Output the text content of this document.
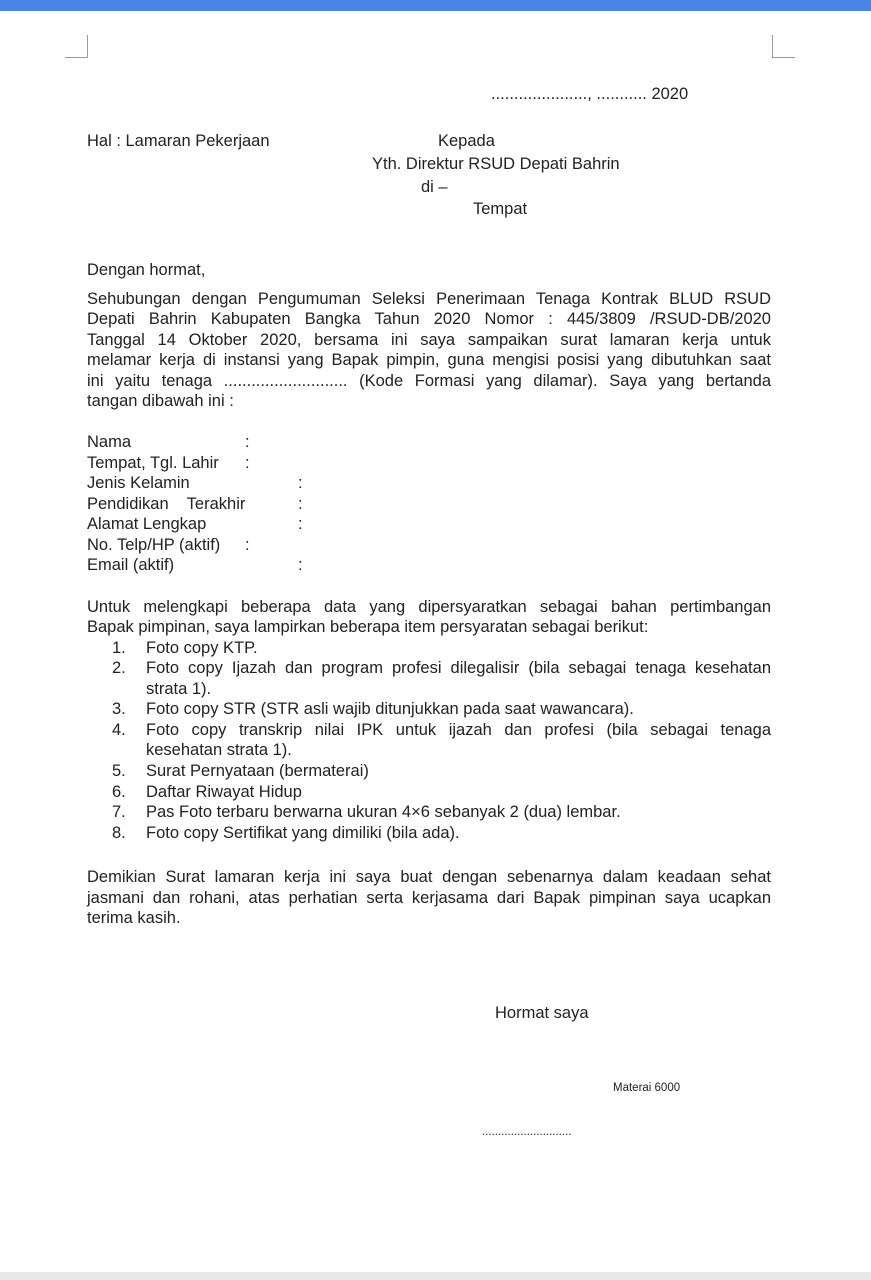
....................., ........... 2020
Hal : Lamaran Pekerjaan	Kepada
Yth. Direktur RSUD Depati Bahrin
di –
Tempat
Dengan hormat,
Sehubungan dengan Pengumuman Seleksi Penerimaan Tenaga Kontrak BLUD RSUD
Depati Bahrin Kabupaten Bangka Tahun 2020 Nomor : 445/3809 /RSUD-DB/2020
Tanggal 14 Oktober 2020, bersama ini saya sampaikan surat lamaran kerja untuk
melamar kerja di instansi yang Bapak pimpin, guna mengisi posisi yang dibutuhkan saat
ini yaitu tenaga ........................... (Kode Formasi yang dilamar). Saya yang bertanda
tangan dibawah ini :
Nama	:
Tempat, Tgl. Lahir :
Jenis Kelamin	:
Pendidikan    Terakhir	:
Alamat Lengkap	:
No. Telp/HP (aktif) :
Email (aktif)	:
Untuk melengkapi beberapa data yang dipersyaratkan sebagai bahan pertimbangan
Bapak pimpinan, saya lampirkan beberapa item persyaratan sebagai berikut:
1. Foto copy KTP.
2. Foto copy Ijazah dan program profesi dilegalisir (bila sebagai tenaga kesehatan
strata 1).
3. Foto copy STR (STR asli wajib ditunjukkan pada saat wawancara).
4. Foto copy transkrip nilai IPK untuk ijazah dan profesi (bila sebagai tenaga
kesehatan strata 1).
5. Surat Pernyataan (bermaterai)
6. Daftar Riwayat Hidup
7. Pas Foto terbaru berwarna ukuran 4×6 sebanyak 2 (dua) lembar.
8. Foto copy Sertifikat yang dimiliki (bila ada).
Demikian Surat lamaran kerja ini saya buat dengan sebenarnya dalam keadaan sehat
jasmani dan rohani, atas perhatian serta kerjasama dari Bapak pimpinan saya ucapkan
terima kasih.
Hormat saya
Materai 6000
............................
